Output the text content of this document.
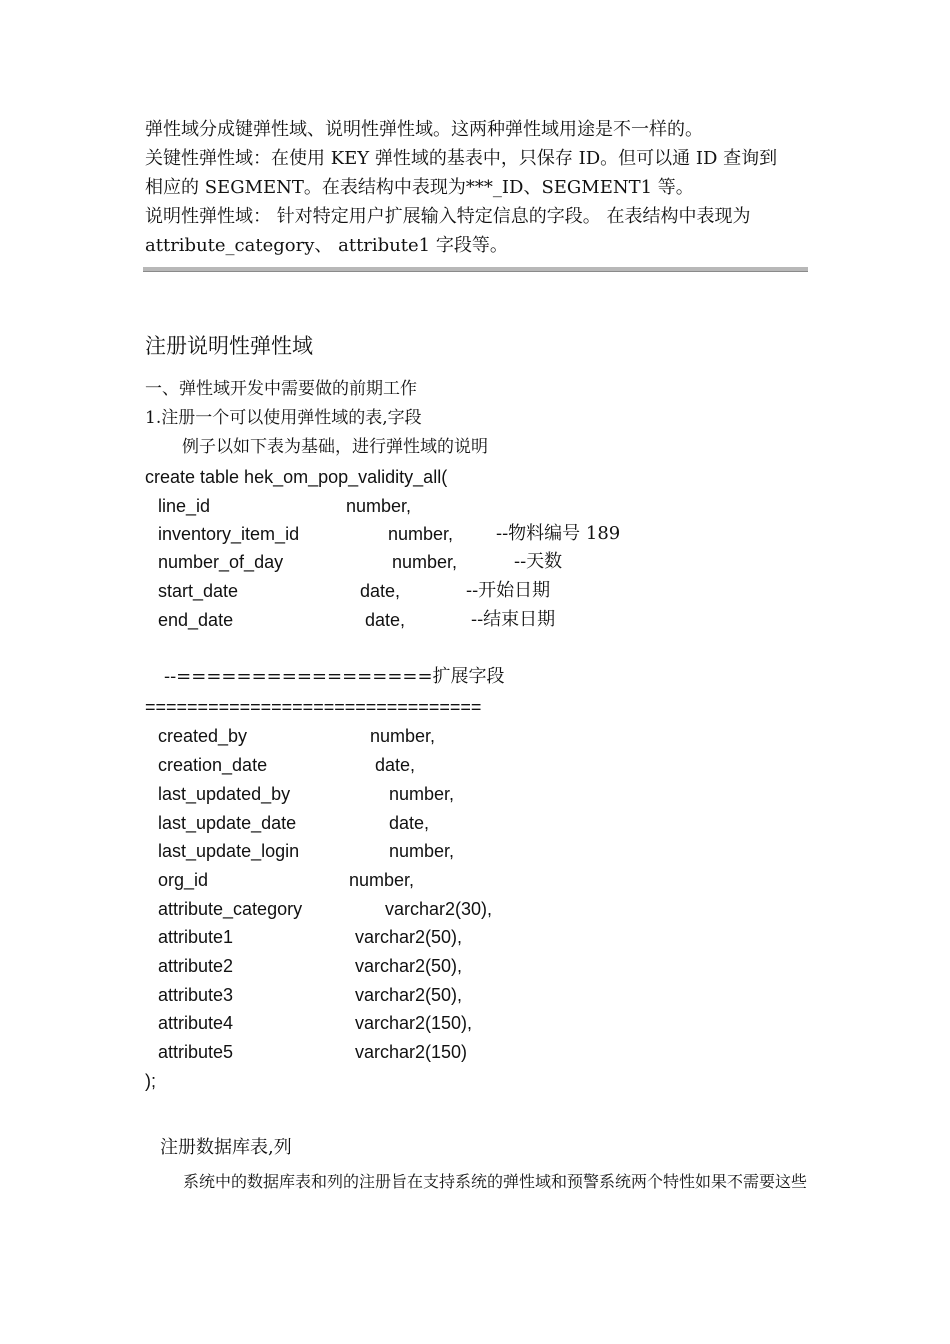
弹性域分成键弹性域、说明性弹性域。这两种弹性域用途是不一样的。
关键性弹性域：在使用 KEY 弹性域的基表中，只保存 ID。但可以通 ID 查询到
相应的 SEGMENT。在表结构中表现为***_ID、SEGMENT1 等。
说明性弹性域： 针对特定用户扩展输入特定信息的字段。 在表结构中表现为
attribute_category、 attribute1 字段等。
注册说明性弹性域
一、弹性域开发中需要做的前期工作
1.注册一个可以使用弹性域的表,字段
例子以如下表为基础，进行弹性域的说明
create table hek_om_pop_validity_all(
line_id	number,
inventory_item_id	number, --物料编号 189
number_of_day	number,	--天数
start_date	date,	--开始日期
end_date	date,	--结束日期
--=================扩展字段
================================
created_by	number,
creation_date	date,
last_updated_by	number,
last_update_date	date,
last_update_login	number,
org_id	number,
attribute_category	varchar2(30),
attribute1	varchar2(50),
attribute2	varchar2(50),
attribute3	varchar2(50),
attribute4	varchar2(150),
attribute5	varchar2(150)
);
注册数据库表,列
系统中的数据库表和列的注册旨在支持系统的弹性域和预警系统两个特性如果不需要这些
